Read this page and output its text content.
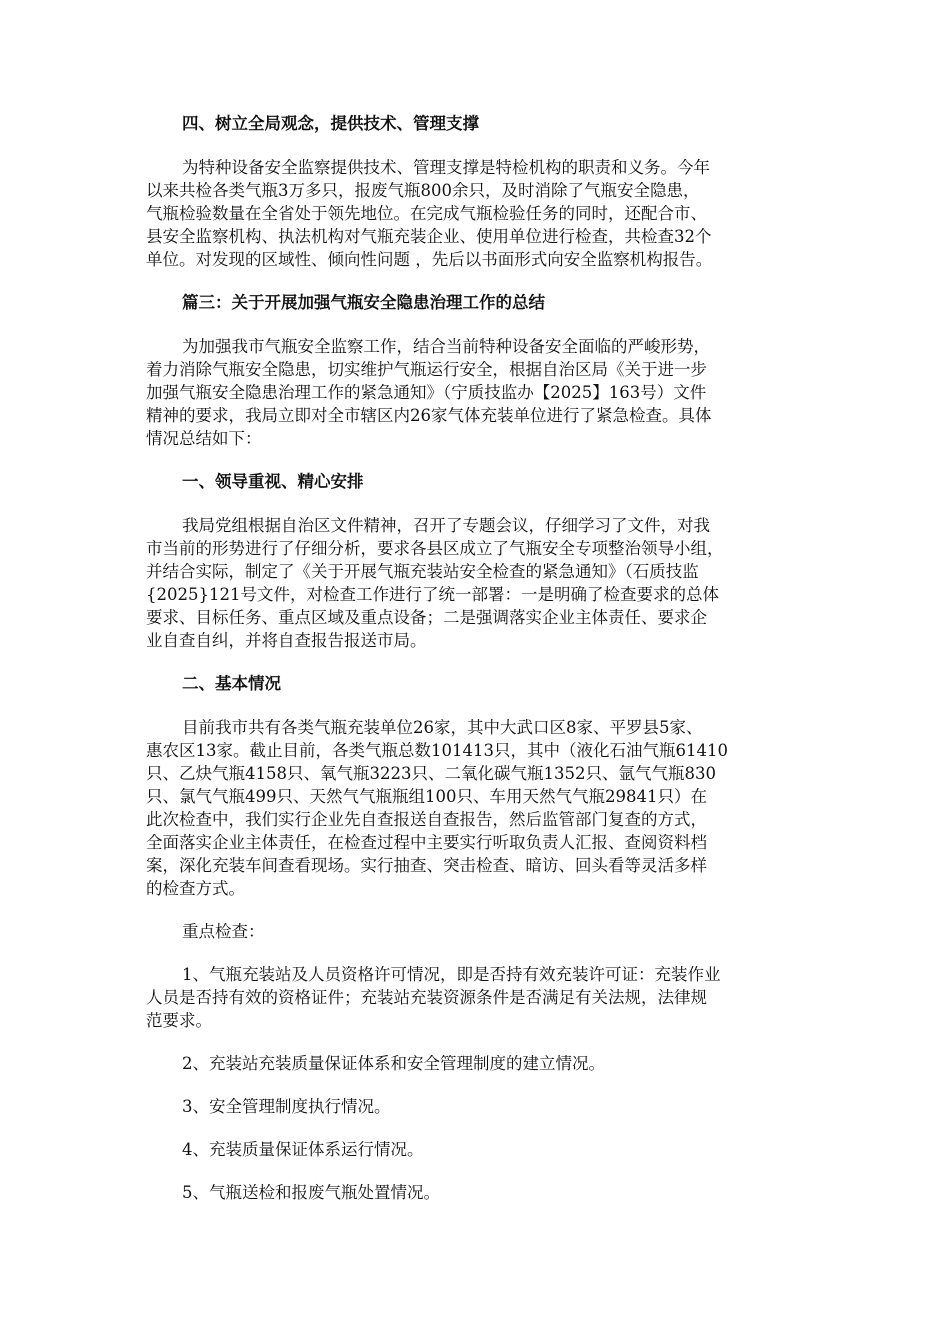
四、树立全局观念，提供技术、管理支撑
为特种设备安全监察提供技术、管理支撑是特检机构的职责和义务。今年
以来共检各类气瓶3万多只，报废气瓶800余只，及时消除了气瓶安全隐患，
气瓶检验数量在全省处于领先地位。在完成气瓶检验任务的同时，还配合市、
县安全监察机构、执法机构对气瓶充装企业、使用单位进行检查，共检查32个
单位。对发现的区域性、倾向性问题 ，先后以书面形式向安全监察机构报告。
篇三：关于开展加强气瓶安全隐患治理工作的总结
为加强我市气瓶安全监察工作，结合当前特种设备安全面临的严峻形势，
着力消除气瓶安全隐患，切实维护气瓶运行安全，根据自治区局《关于进一步
加强气瓶安全隐患治理工作的紧急通知》（宁质技监办【2025】163号）文件
精神的要求，我局立即对全市辖区内26家气体充装单位进行了紧急检查。具体
情况总结如下：
一、领导重视、精心安排
我局党组根据自治区文件精神，召开了专题会议，仔细学习了文件，对我
市当前的形势进行了仔细分析，要求各县区成立了气瓶安全专项整治领导小组，
并结合实际，制定了《关于开展气瓶充装站安全检查的紧急通知》（石质技监
{2025}121号文件，对检查工作进行了统一部署：一是明确了检查要求的总体
要求、目标任务、重点区域及重点设备；二是强调落实企业主体责任、要求企
业自查自纠，并将自查报告报送市局。
二、基本情况
目前我市共有各类气瓶充装单位26家，其中大武口区8家、平罗县5家、
惠农区13家。截止目前，各类气瓶总数101413只，其中（液化石油气瓶61410
只、乙炔气瓶4158只、氧气瓶3223只、二氧化碳气瓶1352只、氩气气瓶830
只、氯气气瓶499只、天然气气瓶瓶组100只、车用天然气气瓶29841只）在
此次检查中，我们实行企业先自查报送自查报告，然后监管部门复查的方式，
全面落实企业主体责任，在检查过程中主要实行听取负责人汇报、查阅资料档
案，深化充装车间查看现场。实行抽查、突击检查、暗访、回头看等灵活多样
的检查方式。
重点检查：
1、气瓶充装站及人员资格许可情况，即是否持有效充装许可证：充装作业
人员是否持有效的资格证件；充装站充装资源条件是否满足有关法规，法律规
范要求。
2、充装站充装质量保证体系和安全管理制度的建立情况。
3、安全管理制度执行情况。
4、充装质量保证体系运行情况。
5、气瓶送检和报废气瓶处置情况。
